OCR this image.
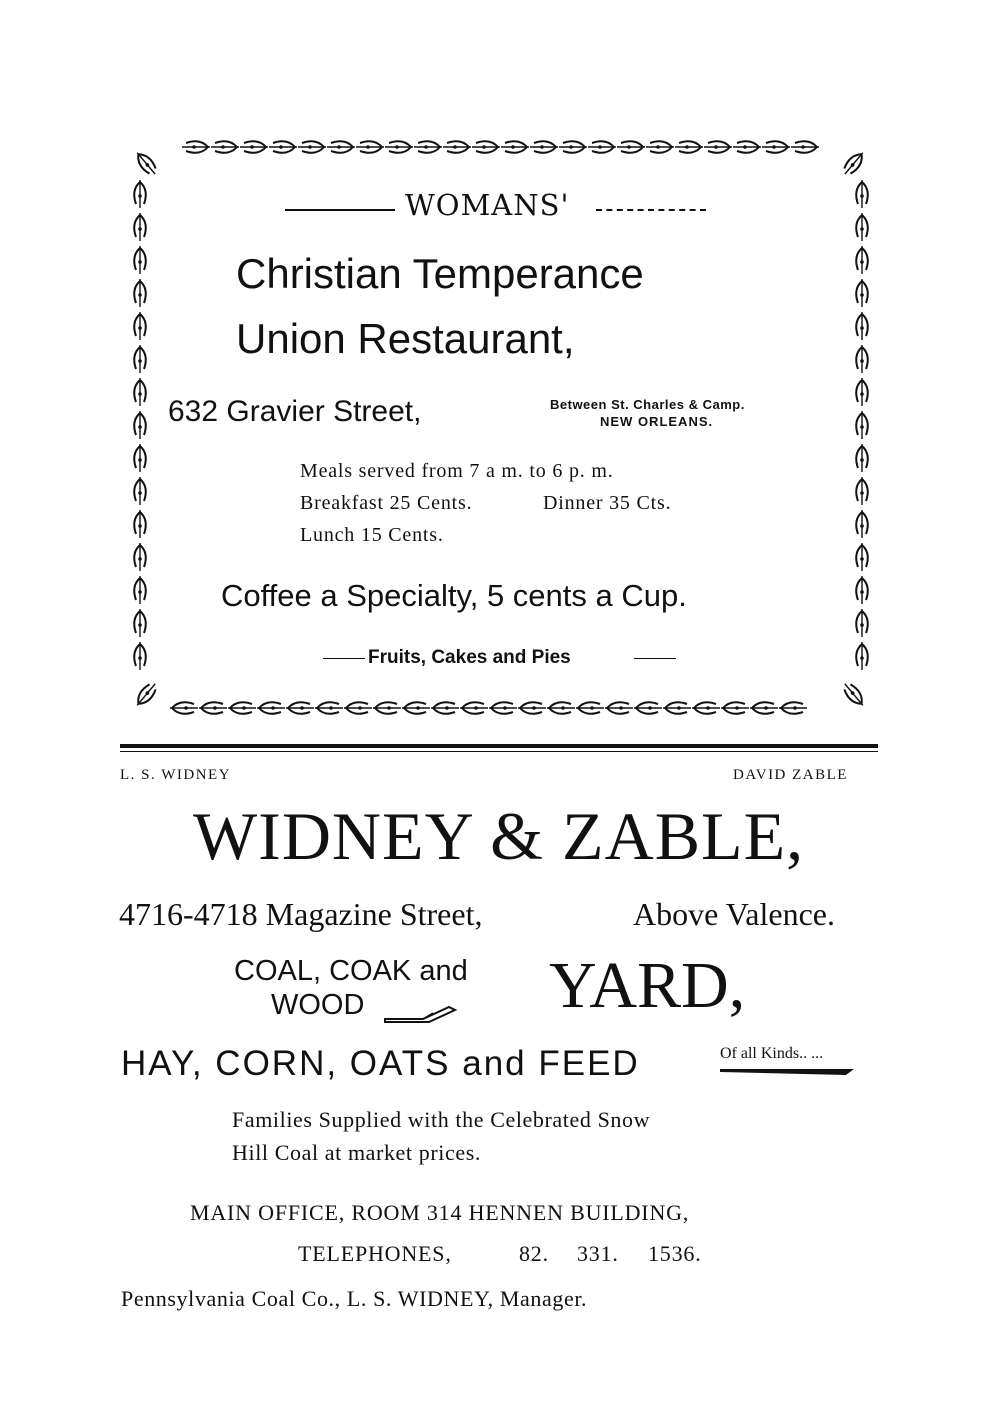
WOMANS'
Christian Temperance
Union Restaurant,
632 Gravier Street,	Between St. Charles & Camp.
NEW ORLEANS.
Meals served from 7 a m. to 6 p. m.
Breakfast 25 Cents.	Dinner 35 Cts.
Lunch 15 Cents.
Coffee a Specialty, 5 cents a Cup.
Fruits, Cakes and Pies
L. S. WIDNEY	DAVID ZABLE
WIDNEY & ZABLE,
4716-4718 Magazine Street,	Above Valence.
COAL, COAK and
WOOD	YARD,
HAY, CORN, OATS and FEED	Of all Kinds.. ...
Families Supplied with the Celebrated Snow
Hill Coal at market prices.
MAIN OFFICE, ROOM 314 HENNEN BUILDING,
TELEPHONES,	82. 331. 1536.
Pennsylvania Coal Co., L. S. WIDNEY, Manager.
